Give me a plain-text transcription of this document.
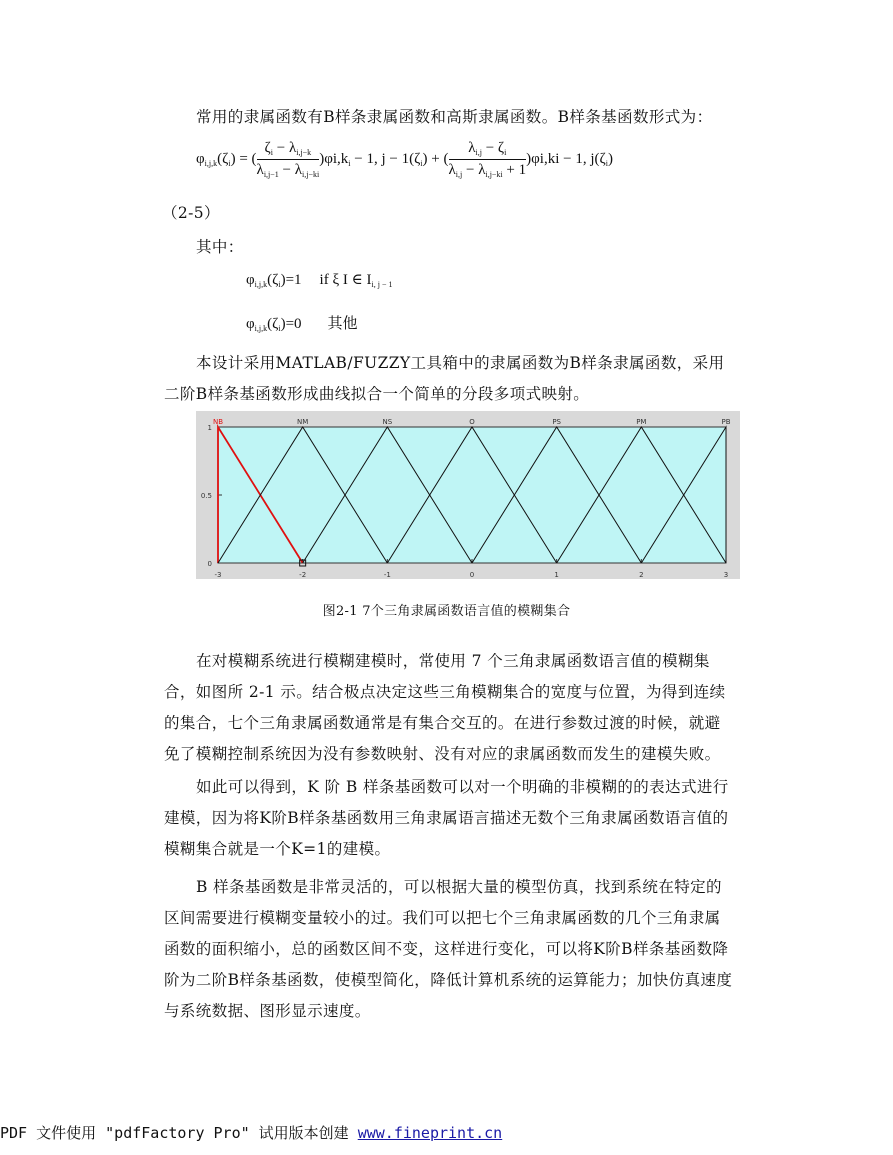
常用的隶属函数有B样条隶属函数和高斯隶属函数。B样条基函数形式为：
$\varphi_{i,j,k}(\zeta_i)$ = ( $\frac{\zeta_i - \lambda_{i,j-k}}{\lambda_{i,j-1} - \lambda_{i,j-ki}} )\varphi i,k_i - 1$, $j - 1(\zeta_i)$ + ( $\frac{\lambda_{i,j} - \zeta_i}{\lambda_{i,j} - \lambda_{i,j-ki} + 1} )\varphi i,ki - 1$, $j(\zeta_i)$
（2-5）
其中：
$\varphi_{i,j,k}(\zeta_i)=1$ if ξ I ∈ $I_{i, j - 1}$
$\varphi_{i,j,k}(\zeta_i)=0$ 其他
本设计采用MATLAB/FUZZY工具箱中的隶属函数为B样条隶属函数，采用二阶B样条基函数形成曲线拟合一个简单的分段多项式映射。
-3	-2	-1	0	1	2	3
0
0.5
1
NB	NM	NS	O	PS	PM	PB
图2-1 7个三角隶属函数语言值的模糊集合
在对模糊系统进行模糊建模时，常使用 7 个三角隶属函数语言值的模糊集合，如图所 2-1 示。结合极点决定这些三角模糊集合的宽度与位置，为得到连续的集合，七个三角隶属函数通常是有集合交互的。在进行参数过渡的时候，就避免了模糊控制系统因为没有参数映射、没有对应的隶属函数而发生的建模失败。
如此可以得到，K 阶 B 样条基函数可以对一个明确的非模糊的的表达式进行建模，因为将K阶B样条基函数用三角隶属语言描述无数个三角隶属函数语言值的模糊集合就是一个K=1的建模。
B 样条基函数是非常灵活的，可以根据大量的模型仿真，找到系统在特定的区间需要进行模糊变量较小的过。我们可以把七个三角隶属函数的几个三角隶属函数的面积缩小，总的函数区间不变，这样进行变化，可以将K阶B样条基函数降阶为二阶B样条基函数，使模型简化，降低计算机系统的运算能力；加快仿真速度与系统数据、图形显示速度。
PDF 文件使用 "pdfFactory Pro" 试用版本创建 www.fineprint.cn
